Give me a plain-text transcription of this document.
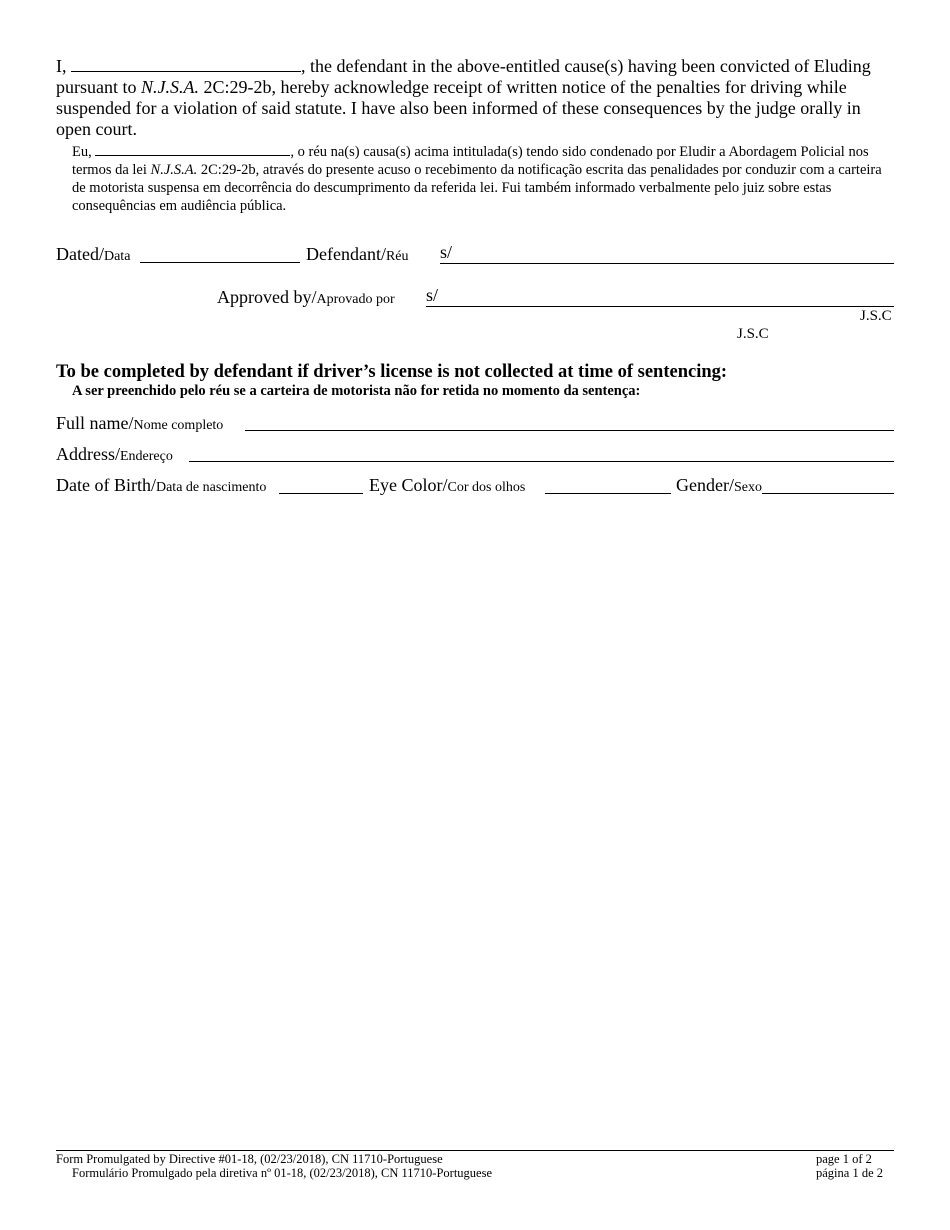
I,	, the defendant in the above-entitled cause(s) having been convicted of Eluding pursuant to N.J.S.A. 2C:29-2b, hereby acknowledge receipt of written notice of the penalties for driving while suspended for a violation of said statute. I have also been informed of these consequences by the judge orally in open court.
Eu,	, o réu na(s) causa(s) acima intitulada(s) tendo sido condenado por Eludir a Abordagem Policial nos termos da lei N.J.S.A. 2C:29-2b, através do presente acuso o recebimento da notificação escrita das penalidades por conduzir com a carteira de motorista suspensa em decorrência do descumprimento da referida lei. Fui também informado verbalmente pelo juiz sobre estas consequências em audiência pública.
Dated/Data	Defendant/Réu s/
Approved by/Aprovado por s/
J.S.C
J.S.C
To be completed by defendant if driver’s license is not collected at time of sentencing:
A ser preenchido pelo réu se a carteira de motorista não for retida no momento da sentença:
Full name/Nome completo
Address/Endereço
Date of Birth/Data de nascimento	Eye Color/Cor dos olhos	Gender/Sexo
Form Promulgated by Directive #01-18, (02/23/2018), CN 11710-Portuguese
Formulário Promulgado pela diretiva nº 01-18, (02/23/2018), CN 11710-Portuguese
page 1 of 2
página 1 de 2
